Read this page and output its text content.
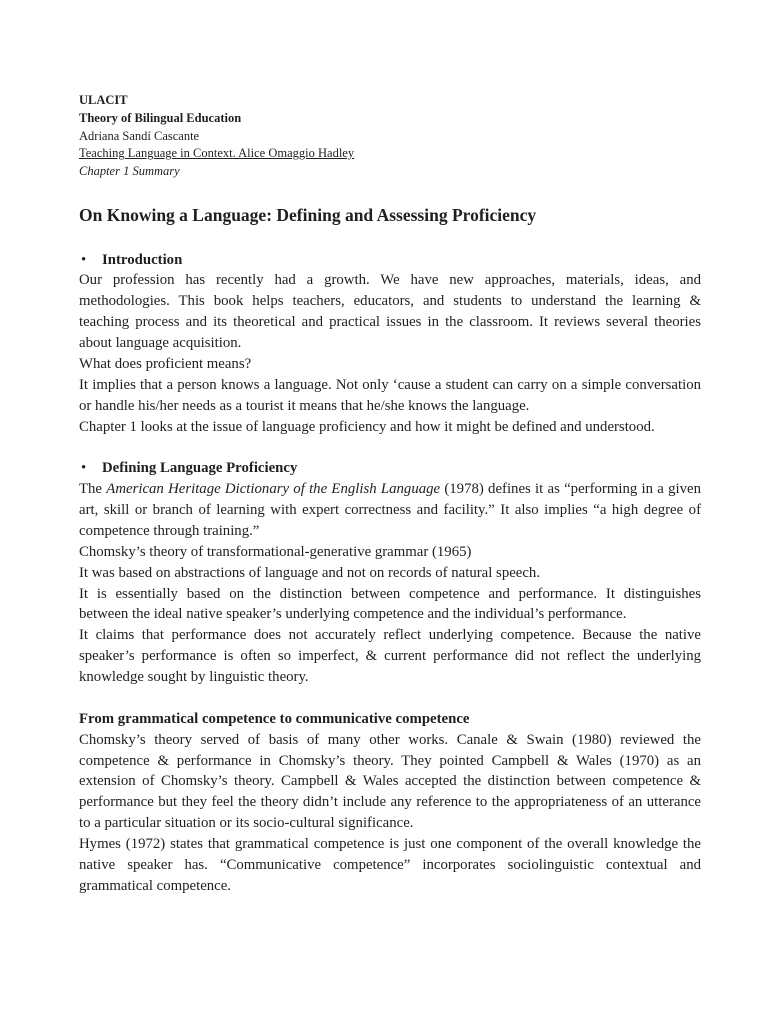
ULACIT
Theory of Bilingual Education
Adriana Sandí Cascante
Teaching Language in Context. Alice Omaggio Hadley
Chapter 1 Summary
On Knowing a Language: Defining and Assessing Proficiency
• Introduction
Our profession has recently had a growth. We have new approaches, materials, ideas, and
methodologies. This book helps teachers, educators, and students to understand the learning &
teaching process and its theoretical and practical issues in the classroom. It reviews several theories
about language acquisition.
What does proficient means?
It implies that a person knows a language. Not only ‘cause a student can carry on a simple conversation
or handle his/her needs as a tourist it means that he/she knows the language.
Chapter 1 looks at the issue of language proficiency and how it might be defined and understood.
• Defining Language Proficiency
The American Heritage Dictionary of the English Language (1978) defines it as “performing in a given
art, skill or branch of learning with expert correctness and facility.” It also implies “a high degree of
competence through training.”
Chomsky’s theory of transformational-generative grammar (1965)
It was based on abstractions of language and not on records of natural speech.
It is essentially based on the distinction between competence and performance. It distinguishes
between the ideal native speaker’s underlying competence and the individual’s performance.
It claims that performance does not accurately reflect underlying competence. Because the native
speaker’s performance is often so imperfect, & current performance did not reflect the underlying
knowledge sought by linguistic theory.
From grammatical competence to communicative competence
Chomsky’s theory served of basis of many other works. Canale & Swain (1980) reviewed the
competence & performance in Chomsky’s theory. They pointed Campbell & Wales (1970) as an
extension of Chomsky’s theory. Campbell & Wales accepted the distinction between competence &
performance but they feel the theory didn’t include any reference to the appropriateness of an utterance
to a particular situation or its socio-cultural significance.
Hymes (1972) states that grammatical competence is just one component of the overall knowledge the
native speaker has. “Communicative competence” incorporates sociolinguistic contextual and
grammatical competence.
